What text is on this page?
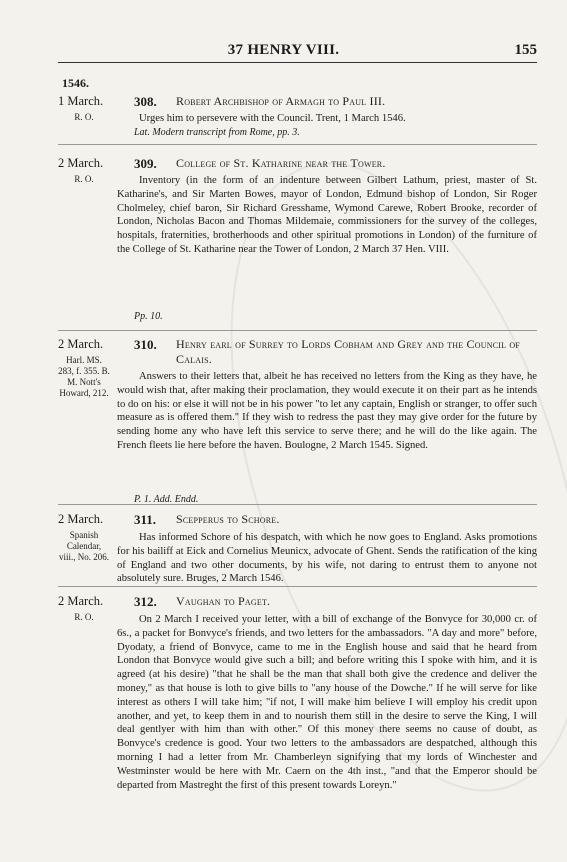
37 HENRY VIII.	155
1546.
1 March.
R. O.
308. Robert Archbishop of Armagh to Paul III.
Urges him to persevere with the Council. Trent, 1 March 1546.
Lat. Modern transcript from Rome, pp. 3.
2 March.
R. O.
309. College of St. Katharine near the Tower.
Inventory (in the form of an indenture between Gilbert Lathum, priest, master of St. Katharine's, and Sir Marten Bowes, mayor of London, Edmund bishop of London, Sir Roger Cholmeley, chief baron, Sir Richard Gresshame, Wymond Carewe, Robert Brooke, recorder of London, Nicholas Bacon and Thomas Mildemaie, commissioners for the survey of the colleges, hospitals, fraternities, brotherhoods and other spiritual promotions in London) of the furniture of the College of St. Katharine near the Tower of London, 2 March 37 Hen. VIII.
Pp. 10.
2 March.
Harl. MS. 283, f. 355. B. M. Nott's Howard, 212.
310. Henry earl of Surrey to Lords Cobham and Grey and the Council of Calais.
Answers to their letters that, albeit he has received no letters from the King as they have, he would wish that, after making their proclamation, they would execute it on their part as he intends to do on his: or else it will not be in his power "to let any captain, English or stranger, to offer such measure as is offered them." If they wish to redress the past they may give order for the future by sending home any who have left this service to serve there; and he will do the like again. The French fleets lie here before the haven. Boulogne, 2 March 1545. Signed.
P. 1. Add. Endd.
2 March.
Spanish Calendar, viii., No. 206.
311. Scepperus to Schore.
Has informed Schore of his despatch, with which he now goes to England. Asks promotions for his bailiff at Eick and Cornelius Meunicx, advocate of Ghent. Sends the ratification of the king of England and two other documents, by his wife, not daring to entrust them to anyone not absolutely sure. Bruges, 2 March 1546.
2 March.
R. O.
312. Vaughan to Paget.
On 2 March I received your letter, with a bill of exchange of the Bonvyce for 30,000 cr. of 6s., a packet for Bonvyce's friends, and two letters for the ambassadors. "A day and more" before, Dyodaty, a friend of Bonvyce, came to me in the English house and said that he heard from London that Bonvyce would give such a bill; and before writing this I spoke with him, and it is agreed (at his desire) "that he shall be the man that shall both give the credence and deliver the money," as that house is loth to give bills to "any house of the Dowche." If he will serve for like interest as others I will take him; "if not, I will make him believe I will employ his credit upon another, and yet, to keep them in and to nourish them still in the desire to serve the King, I will deal gentlyer with him than with other." Of this money there seems no cause of doubt, as Bonvyce's credence is good. Your two letters to the ambassadors are despatched, although this morning I had a letter from Mr. Chamberleyn signifying that my lords of Winchester and Westminster would be here with Mr. Caern on the 4th inst., "and that the Emperor should be departed from Mastreght the first of this present towards Loreyn."
